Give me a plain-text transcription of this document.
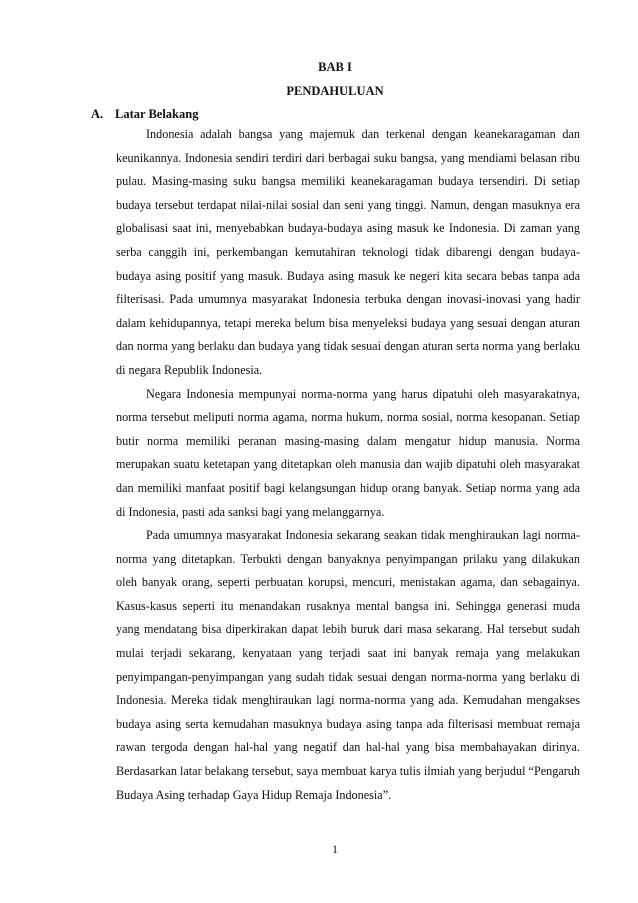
BAB I
PENDAHULUAN
A. Latar Belakang

Indonesia adalah bangsa yang majemuk dan terkenal dengan keanekaragaman dan keunikannya. Indonesia sendiri terdiri dari berbagai suku bangsa, yang mendiami belasan ribu pulau. Masing-masing suku bangsa memiliki keanekaragaman budaya tersendiri. Di setiap budaya tersebut terdapat nilai-nilai sosial dan seni yang tinggi. Namun, dengan masuknya era globalisasi saat ini, menyebabkan budaya-budaya asing masuk ke Indonesia. Di zaman yang serba canggih ini, perkembangan kemutahiran teknologi tidak dibarengi dengan budaya-budaya asing positif yang masuk. Budaya asing masuk ke negeri kita secara bebas tanpa ada filterisasi. Pada umumnya masyarakat Indonesia terbuka dengan inovasi-inovasi yang hadir dalam kehidupannya, tetapi mereka belum bisa menyeleksi budaya yang sesuai dengan aturan dan norma yang berlaku dan budaya yang tidak sesuai dengan aturan serta norma yang berlaku di negara Republik Indonesia.

Negara Indonesia mempunyai norma-norma yang harus dipatuhi oleh masyarakatnya, norma tersebut meliputi norma agama, norma hukum, norma sosial, norma kesopanan. Setiap butir norma memiliki peranan masing-masing dalam mengatur hidup manusia. Norma merupakan suatu ketetapan yang ditetapkan oleh manusia dan wajib dipatuhi oleh masyarakat dan memiliki manfaat positif bagi kelangsungan hidup orang banyak. Setiap norma yang ada di Indonesia, pasti ada sanksi bagi yang melanggarnya.

Pada umumnya masyarakat Indonesia sekarang seakan tidak menghiraukan lagi norma-norma yang ditetapkan. Terbukti dengan banyaknya penyimpangan prilaku yang dilakukan oleh banyak orang, seperti perbuatan korupsi, mencuri, menistakan agama, dan sebagainya. Kasus-kasus seperti itu menandakan rusaknya mental bangsa ini. Sehingga generasi muda yang mendatang bisa diperkirakan dapat lebih buruk dari masa sekarang. Hal tersebut sudah mulai terjadi sekarang, kenyataan yang terjadi saat ini banyak remaja yang melakukan penyimpangan-penyimpangan yang sudah tidak sesuai dengan norma-norma yang berlaku di Indonesia. Mereka tidak menghiraukan lagi norma-norma yang ada. Kemudahan mengakses budaya asing serta kemudahan masuknya budaya asing tanpa ada filterisasi membuat remaja rawan tergoda dengan hal-hal yang negatif dan hal-hal yang bisa membahayakan dirinya. Berdasarkan latar belakang tersebut, saya membuat karya tulis ilmiah yang berjudul “Pengaruh Budaya Asing terhadap Gaya Hidup Remaja Indonesia”.

1
